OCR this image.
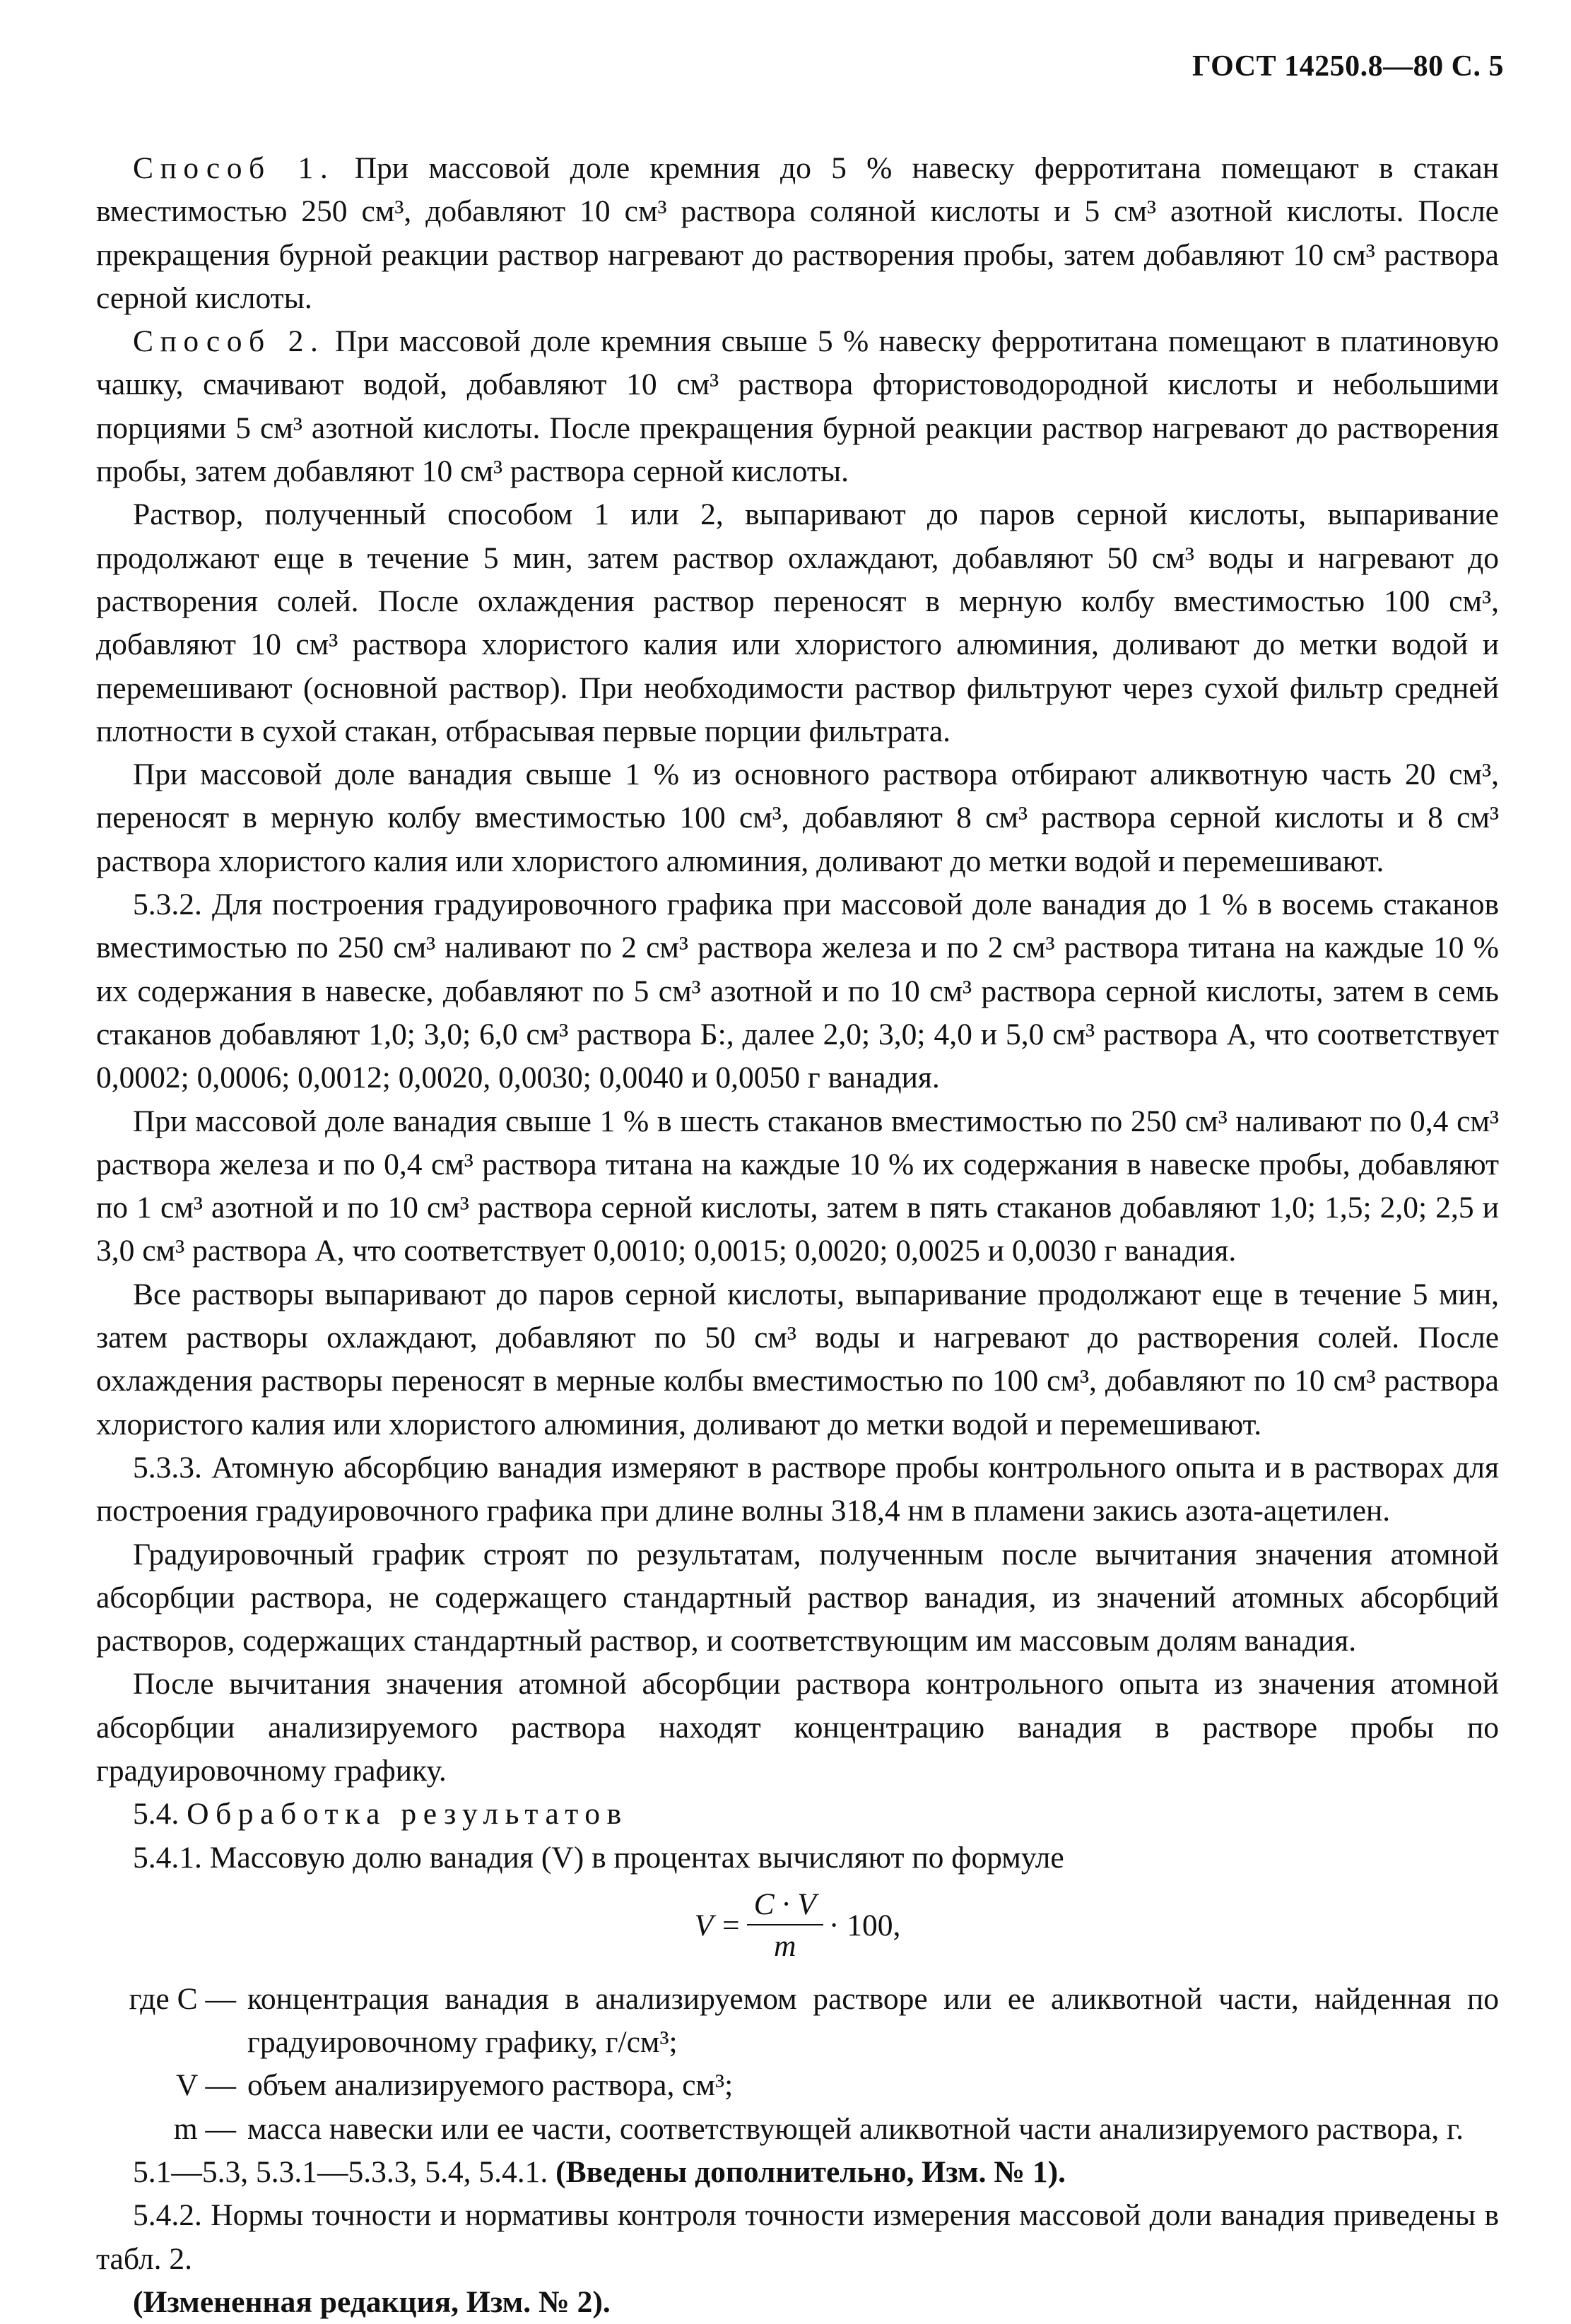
ГОСТ 14250.8—80 С. 5

Способ 1. При массовой доле кремния до 5 % навеску ферротитана помещают в стакан вместимостью 250 см³, добавляют 10 см³ раствора соляной кислоты и 5 см³ азотной кислоты. После прекращения бурной реакции раствор нагревают до растворения пробы, затем добавляют 10 см³ раствора серной кислоты.

Способ 2. При массовой доле кремния свыше 5 % навеску ферротитана помещают в платиновую чашку, смачивают водой, добавляют 10 см³ раствора фтористоводородной кислоты и небольшими порциями 5 см³ азотной кислоты. После прекращения бурной реакции раствор нагревают до растворения пробы, затем добавляют 10 см³ раствора серной кислоты.

Раствор, полученный способом 1 или 2, выпаривают до паров серной кислоты, выпаривание продолжают еще в течение 5 мин, затем раствор охлаждают, добавляют 50 см³ воды и нагревают до растворения солей. После охлаждения раствор переносят в мерную колбу вместимостью 100 см³, добавляют 10 см³ раствора хлористого калия или хлористого алюминия, доливают до метки водой и перемешивают (основной раствор). При необходимости раствор фильтруют через сухой фильтр средней плотности в сухой стакан, отбрасывая первые порции фильтрата.

При массовой доле ванадия свыше 1 % из основного раствора отбирают аликвотную часть 20 см³, переносят в мерную колбу вместимостью 100 см³, добавляют 8 см³ раствора серной кислоты и 8 см³ раствора хлористого калия или хлористого алюминия, доливают до метки водой и перемешивают.

5.3.2. Для построения градуировочного графика при массовой доле ванадия до 1 % в восемь стаканов вместимостью по 250 см³ наливают по 2 см³ раствора железа и по 2 см³ раствора титана на каждые 10 % их содержания в навеске, добавляют по 5 см³ азотной и по 10 см³ раствора серной кислоты, затем в семь стаканов добавляют 1,0; 3,0; 6,0 см³ раствора Б:, далее 2,0; 3,0; 4,0 и 5,0 см³ раствора А, что соответствует 0,0002; 0,0006; 0,0012; 0,0020, 0,0030; 0,0040 и 0,0050 г ванадия.

При массовой доле ванадия свыше 1 % в шесть стаканов вместимостью по 250 см³ наливают по 0,4 см³ раствора железа и по 0,4 см³ раствора титана на каждые 10 % их содержания в навеске пробы, добавляют по 1 см³ азотной и по 10 см³ раствора серной кислоты, затем в пять стаканов добавляют 1,0; 1,5; 2,0; 2,5 и 3,0 см³ раствора А, что соответствует 0,0010; 0,0015; 0,0020; 0,0025 и 0,0030 г ванадия.

Все растворы выпаривают до паров серной кислоты, выпаривание продолжают еще в течение 5 мин, затем растворы охлаждают, добавляют по 50 см³ воды и нагревают до растворения солей. После охлаждения растворы переносят в мерные колбы вместимостью по 100 см³, добавляют по 10 см³ раствора хлористого калия или хлористого алюминия, доливают до метки водой и перемешивают.

5.3.3. Атомную абсорбцию ванадия измеряют в растворе пробы контрольного опыта и в растворах для построения градуировочного графика при длине волны 318,4 нм в пламени закись азота-ацетилен.

Градуировочный график строят по результатам, полученным после вычитания значения атомной абсорбции раствора, не содержащего стандартный раствор ванадия, из значений атомных абсорбций растворов, содержащих стандартный раствор, и соответствующим им массовым долям ванадия.

После вычитания значения атомной абсорбции раствора контрольного опыта из значения атомной абсорбции анализируемого раствора находят концентрацию ванадия в растворе пробы по градуировочному графику.

5.4. Обработка результатов

5.4.1. Массовую долю ванадия (V) в процентах вычисляют по формуле

$V = \frac{C \cdot V}{m} \cdot 100$,
где C — концентрация ванадия в анализируемом растворе или ее аликвотной части, найденная по градуировочному графику, г/см³;
V — объем анализируемого раствора, см³;
m — масса навески или ее части, соответствующей аликвотной части анализируемого раствора, г.

5.1—5.3, 5.3.1—5.3.3, 5.4, 5.4.1. (Введены дополнительно, Изм. № 1).

5.4.2. Нормы точности и нормативы контроля точности измерения массовой доли ванадия приведены в табл. 2.

(Измененная редакция, Изм. № 2).
